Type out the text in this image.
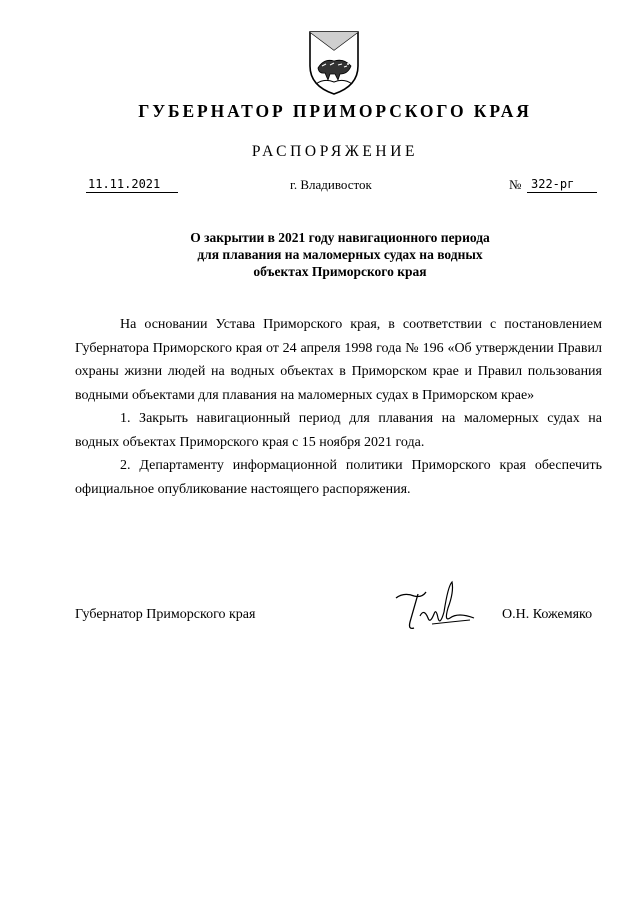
ГУБЕРНАТОР ПРИМОРСКОГО КРАЯ
РАСПОРЯЖЕНИЕ
11.11.2021	г. Владивосток	№ 322-рг
О закрытии в 2021 году навигационного периода
для плавания на маломерных судах на водных
объектах Приморского края

На основании Устава Приморского края, в соответствии с постановлением Губернатора Приморского края от 24 апреля 1998 года № 196 «Об утверждении Правил охраны жизни людей на водных объектах в Приморском крае и Правил пользования водными объектами для плавания на маломерных судах в Приморском крае»

1. Закрыть навигационный период для плавания на маломерных судах на водных объектах Приморского края с 15 ноября 2021 года.

2. Департаменту информационной политики Приморского края обеспечить официальное опубликование настоящего распоряжения.

Губернатор Приморского края	О.Н. Кожемяко
